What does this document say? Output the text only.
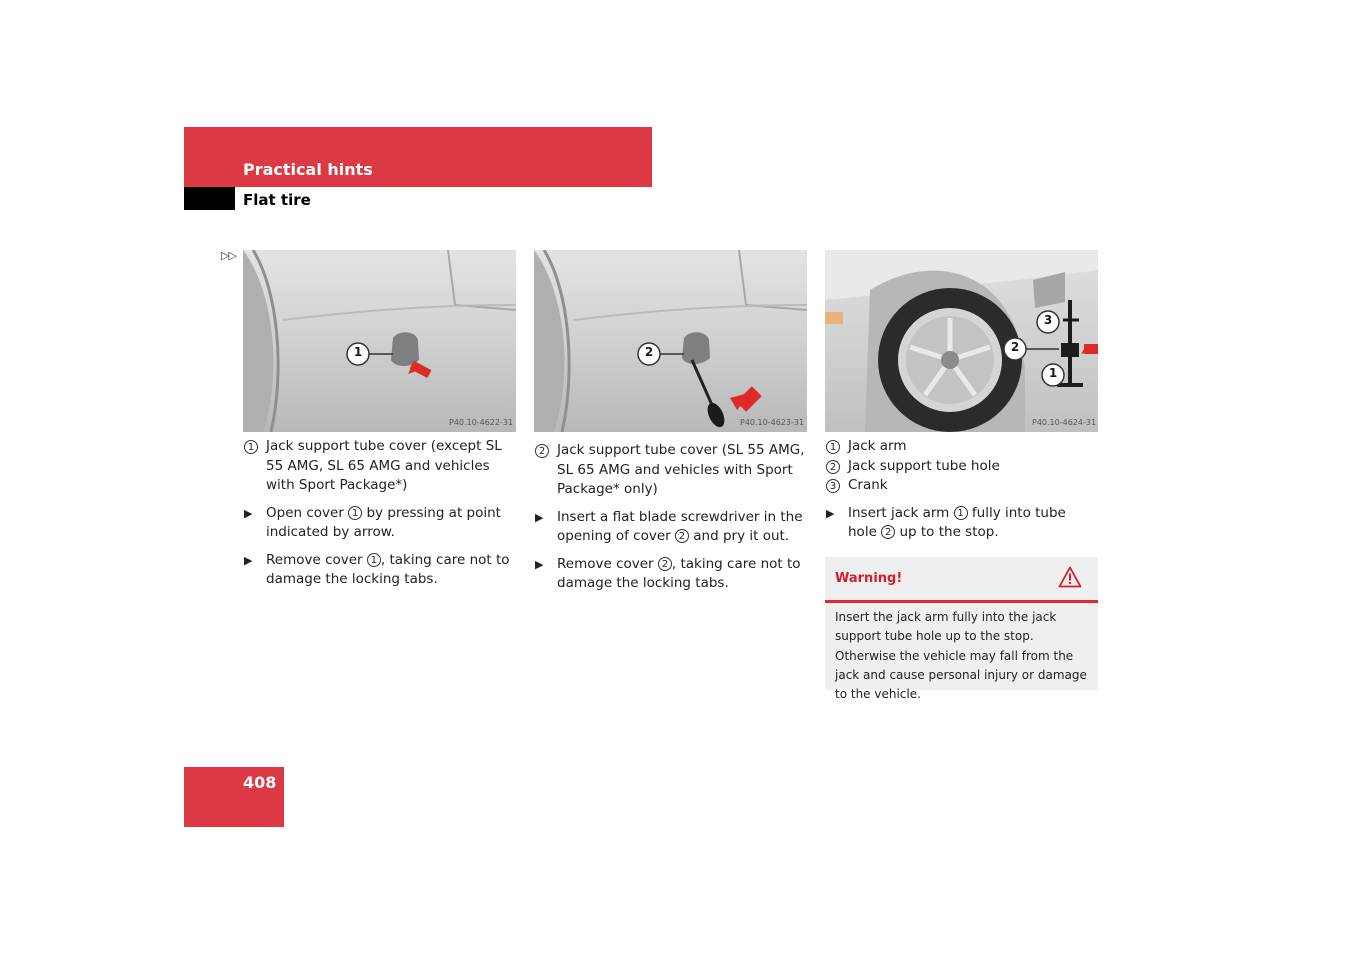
Practical hints
Flat tire
▷▷
1
P40.10-4622-31
2
P40.10-4623-31
3
2
1
P40.10-4624-31

1 Jack support tube cover (except SL 55 AMG, SL 65 AMG and vehicles with Sport Package*)

▶ Open cover 1 by pressing at point indicated by arrow.

▶ Remove cover 1 , taking care not to damage the locking tabs.

2 Jack support tube cover (SL 55 AMG, SL 65 AMG and vehicles with Sport Package* only)

▶ Insert a flat blade screwdriver in the opening of cover 2 and pry it out.

▶ Remove cover 2 , taking care not to damage the locking tabs.

1 Jack arm

2 Jack support tube hole

3 Crank

▶ Insert jack arm 1 fully into tube hole 2 up to the stop.

Warning!
Insert the jack arm fully into the jack support tube hole up to the stop. Otherwise the vehicle may fall from the jack and cause personal injury or damage to the vehicle.
408
